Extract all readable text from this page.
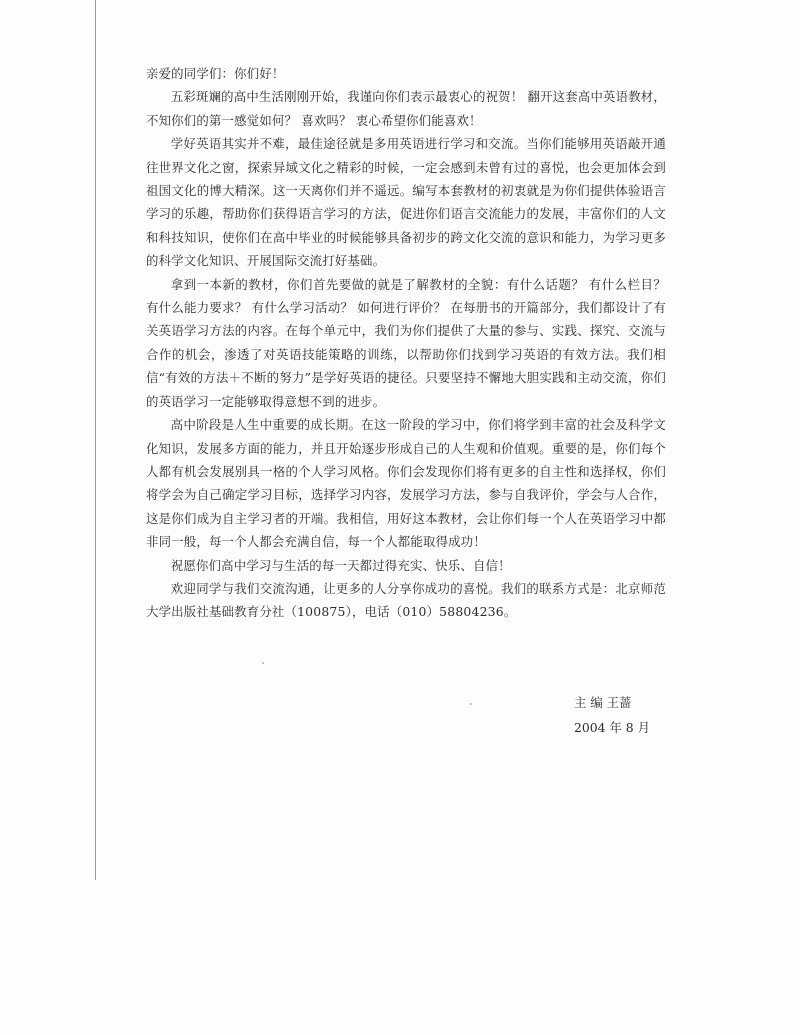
亲爱的同学们：你们好！

五彩斑斓的高中生活刚刚开始，我谨向你们表示最衷心的祝贺！ 翻开这套高中英语教材，不知你们的第一感觉如何？ 喜欢吗？ 衷心希望你们能喜欢！

学好英语其实并不难，最佳途径就是多用英语进行学习和交流。当你们能够用英语敲开通往世界文化之窗，探索异域文化之精彩的时候，一定会感到未曾有过的喜悦，也会更加体会到祖国文化的博大精深。这一天离你们并不遥远。编写本套教材的初衷就是为你们提供体验语言学习的乐趣，帮助你们获得语言学习的方法，促进你们语言交流能力的发展，丰富你们的人文和科技知识，使你们在高中毕业的时候能够具备初步的跨文化交流的意识和能力，为学习更多的科学文化知识、开展国际交流打好基础。

拿到一本新的教材，你们首先要做的就是了解教材的全貌：有什么话题？ 有什么栏目？ 有什么能力要求？ 有什么学习活动？ 如何进行评价？ 在每册书的开篇部分，我们都设计了有关英语学习方法的内容。在每个单元中，我们为你们提供了大量的参与、实践、探究、交流与合作的机会，渗透了对英语技能策略的训练，以帮助你们找到学习英语的有效方法。我们相信“有效的方法＋不断的努力”是学好英语的捷径。只要坚持不懈地大胆实践和主动交流，你们的英语学习一定能够取得意想不到的进步。

高中阶段是人生中重要的成长期。在这一阶段的学习中，你们将学到丰富的社会及科学文化知识，发展多方面的能力，并且开始逐步形成自己的人生观和价值观。重要的是，你们每个人都有机会发展别具一格的个人学习风格。你们会发现你们将有更多的自主性和选择权，你们将学会为自己确定学习目标，选择学习内容，发展学习方法，参与自我评价，学会与人合作，这是你们成为自主学习者的开端。我相信，用好这本教材，会让你们每一个人在英语学习中都非同一般，每一个人都会充满自信，每一个人都能取得成功！

祝愿你们高中学习与生活的每一天都过得充实、快乐、自信！

欢迎同学与我们交流沟通，让更多的人分享你成功的喜悦。我们的联系方式是：北京师范大学出版社基础教育分社（100875），电话（010）58804236。

主 编 王蔷

2004 年 8 月
